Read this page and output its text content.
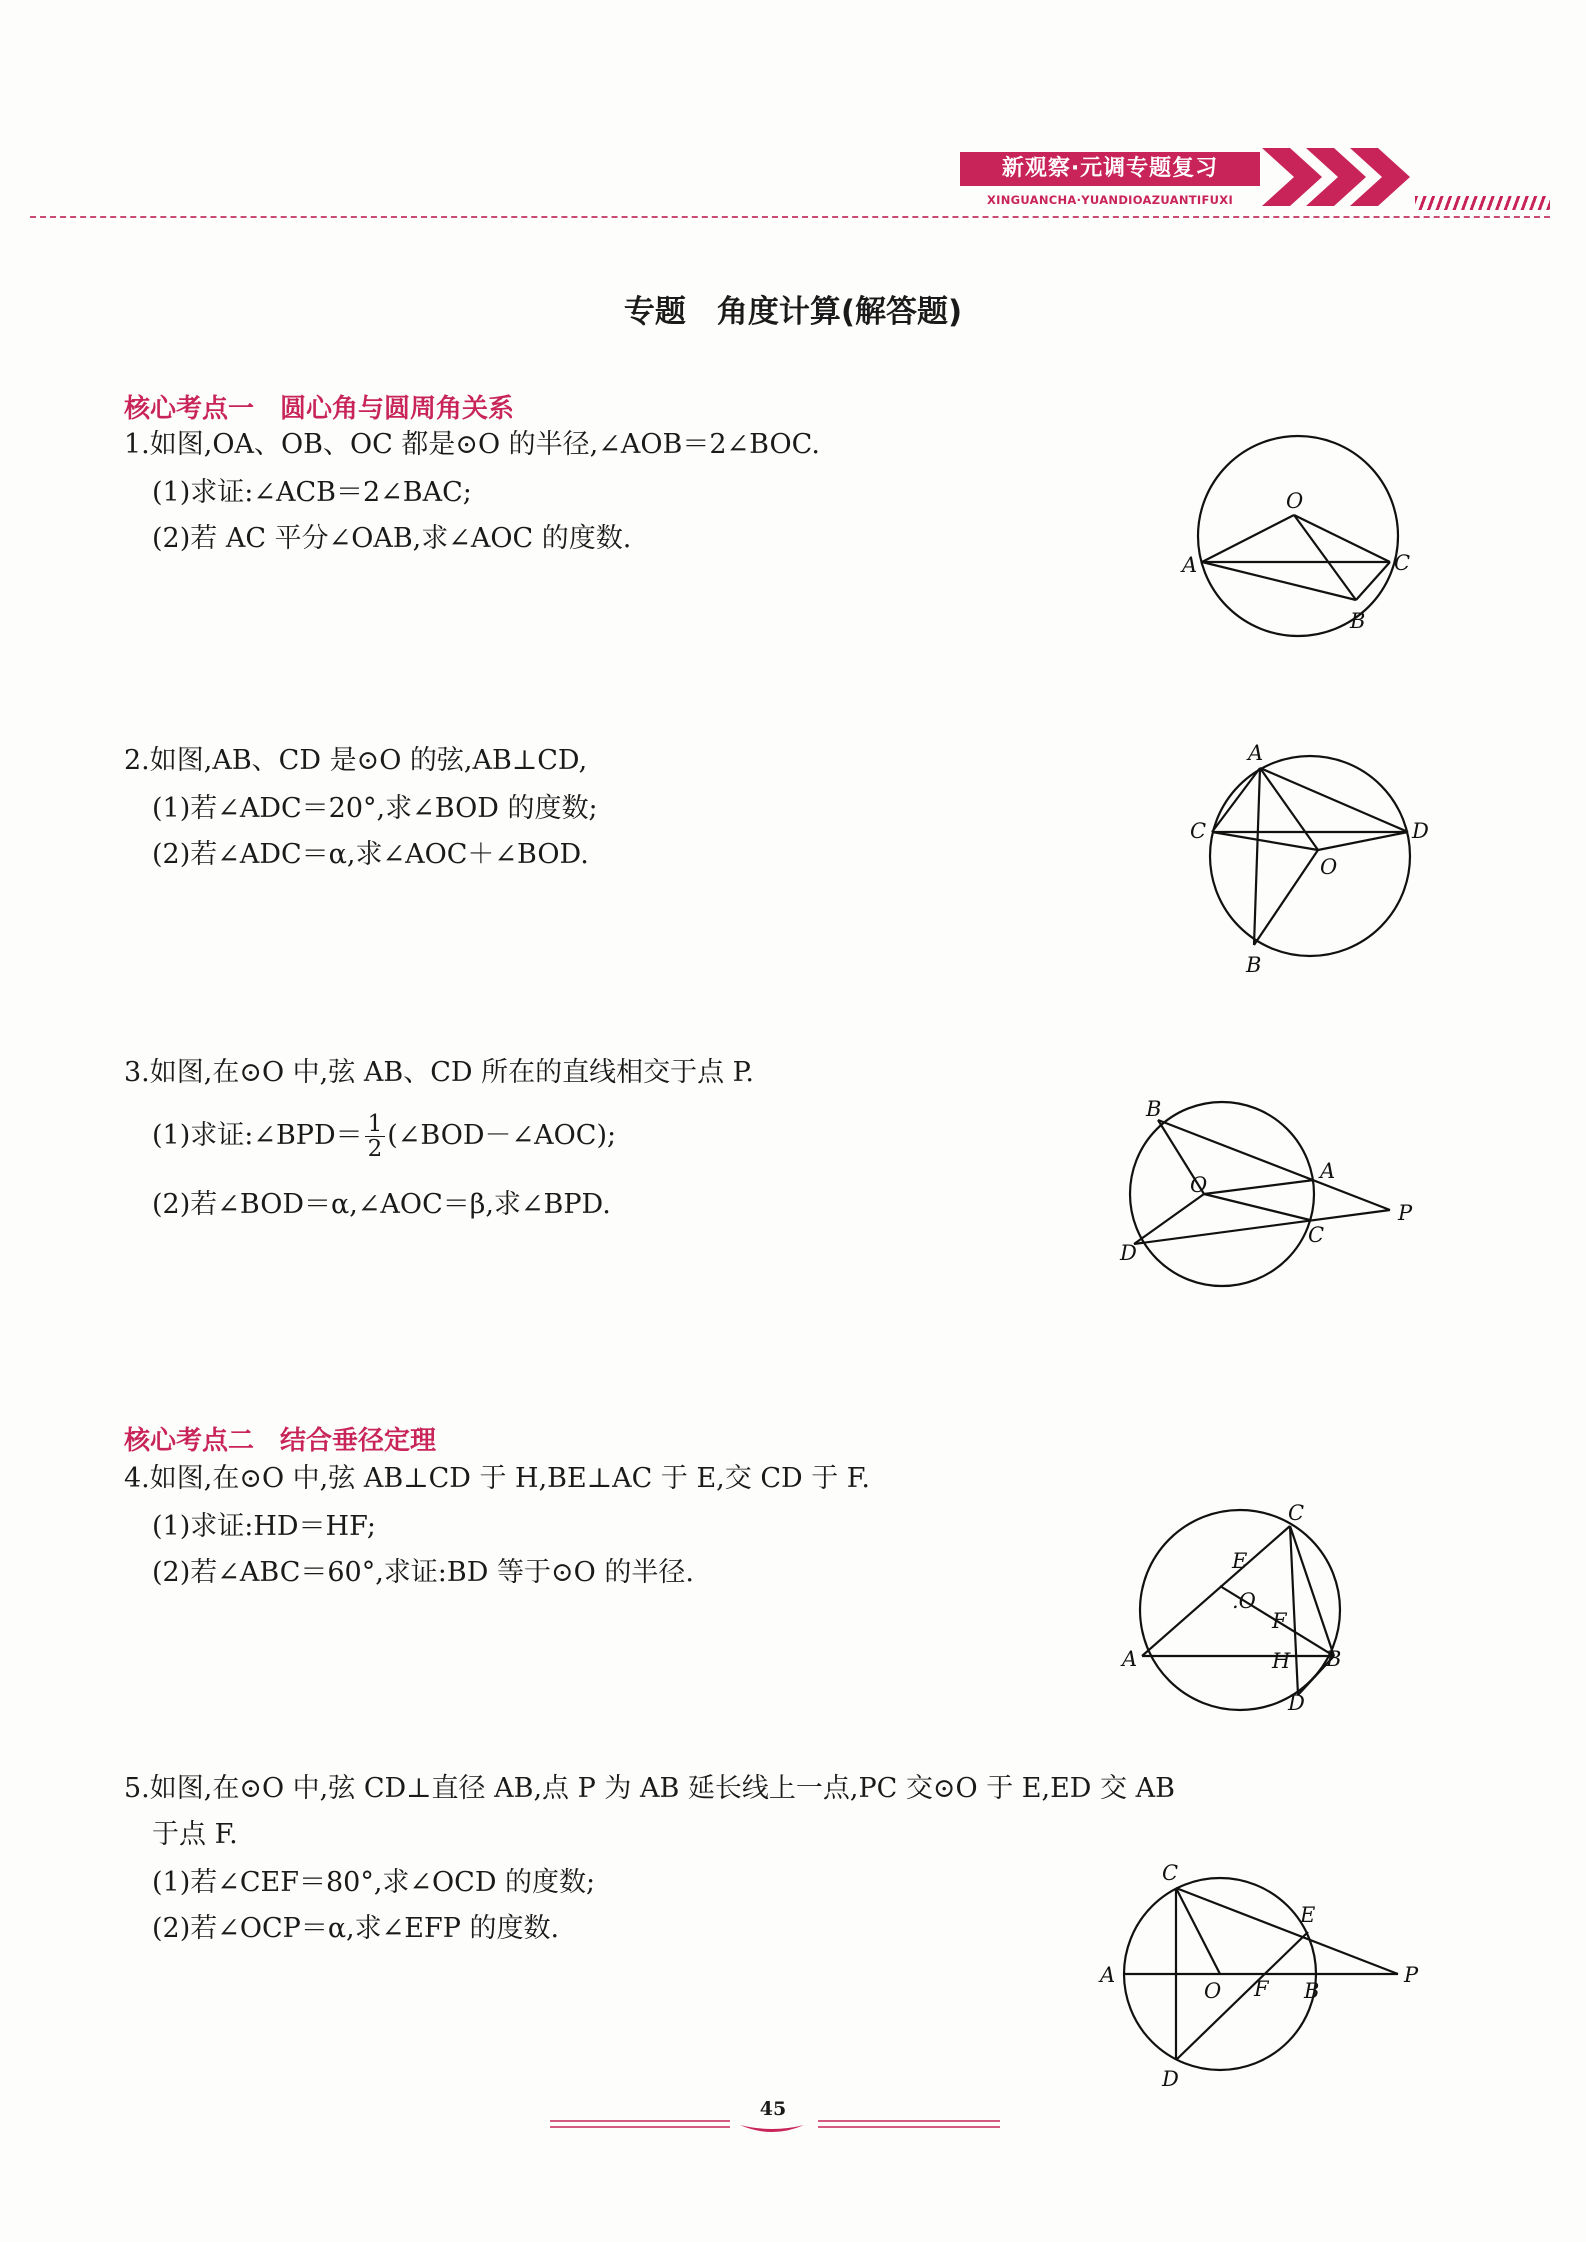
新观察·元调专题复习
XINGUANCHA·YUANDIOAZUANTIFUXI
专题　角度计算(解答题)
核心考点一　圆心角与圆周角关系
1.如图,OA、OB、OC 都是⊙O 的半径,∠AOB＝2∠BOC.
(1)求证:∠ACB＝2∠BAC;
(2)若 AC 平分∠OAB,求∠AOC 的度数.
O
A	C
B
2.如图,AB、CD 是⊙O 的弦,AB⊥CD,
(1)若∠ADC＝20°,求∠BOD 的度数;
(2)若∠ADC＝α,求∠AOC＋∠BOD.
A
C	D
O
B
3.如图,在⊙O 中,弦 AB、CD 所在的直线相交于点 P.
(1)求证:∠BPD＝ $\frac{1}{2}$ (∠BOD－∠AOC);
(2)若∠BOD＝α,∠AOC＝β,求∠BPD.
B
A
O
P
D
C
核心考点二　结合垂径定理
4.如图,在⊙O 中,弦 AB⊥CD 于 H,BE⊥AC 于 E,交 CD 于 F.
(1)求证:HD＝HF;
(2)若∠ABC＝60°,求证:BD 等于⊙O 的半径.
C
E
.O
F
A	H B
D
5.如图,在⊙O 中,弦 CD⊥直径 AB,点 P 为 AB 延长线上一点,PC 交⊙O 于 E,ED 交 AB
于点 F.
(1)若∠CEF＝80°,求∠OCD 的度数;
(2)若∠OCP＝α,求∠EFP 的度数.
C
E
A
O F B
P
D
45
